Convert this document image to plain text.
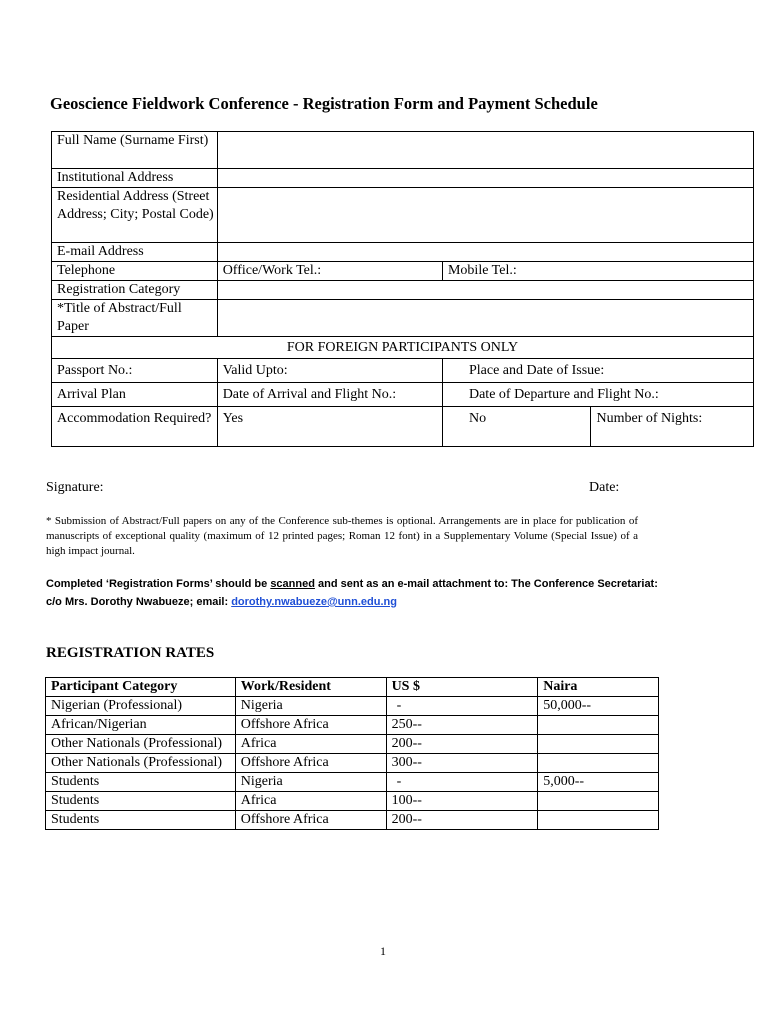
Geoscience Fieldwork Conference - Registration Form and Payment Schedule
Full Name (Surname First)			
Institutional Address			
Residential Address (Street Address; City; Postal Code)			
E-mail Address			
Telephone	Office/Work Tel.:	Mobile Tel.:	
Registration Category			
*Title of Abstract/Full Paper			
FOR FOREIGN PARTICIPANTS ONLY			
Passport No.:	Valid Upto:	Place and Date of Issue:	
Arrival Plan	Date of Arrival and Flight No.:	Date of Departure and Flight No.:	
Accommodation Required?	Yes	No	Number of Nights:
Signature:	Date:
* Submission of Abstract/Full papers on any of the Conference sub-themes is optional. Arrangements are in place for publication of manuscripts of exceptional quality (maximum of 12 printed pages; Roman 12 font) in a Supplementary Volume (Special Issue) of a high impact journal.
Completed ‘Registration Forms’ should be scanned and sent as an e-mail attachment to: The Conference Secretariat: c/o Mrs. Dorothy Nwabueze; email: dorothy.nwabueze@unn.edu.ng
REGISTRATION RATES
Participant Category	Work/Resident	US $	Naira
Nigerian (Professional)	Nigeria	-	50,000--
African/Nigerian	Offshore Africa	250--	
Other Nationals (Professional)	Africa	200--	
Other Nationals (Professional)	Offshore Africa	300--	
Students	Nigeria	-	5,000--
Students	Africa	100--	
Students	Offshore Africa	200--	
1
